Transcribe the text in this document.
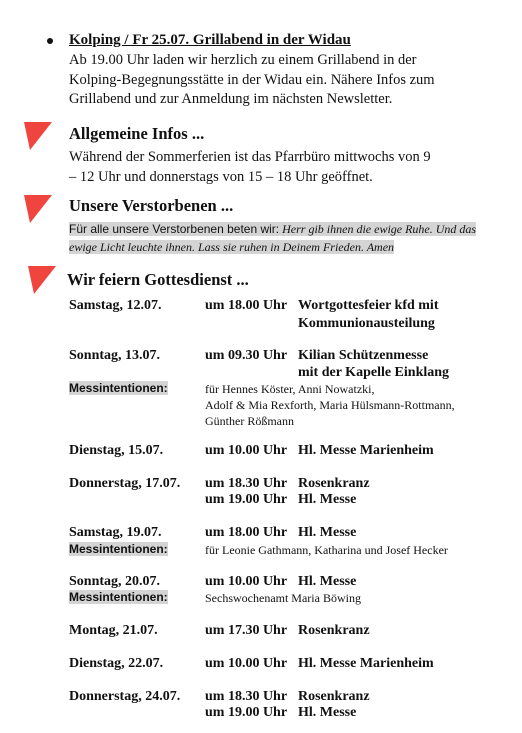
Kolping / Fr 25.07. Grillabend in der Widau
Ab 19.00 Uhr laden wir herzlich zu einem Grillabend in der
Kolping-Begegnungsstätte in der Widau ein. Nähere Infos zum
Grillabend und zur Anmeldung im nächsten Newsletter.
Allgemeine Infos ...
Während der Sommerferien ist das Pfarrbüro mittwochs von 9
– 12 Uhr und donnerstags von 15 – 18 Uhr geöffnet.
Unsere Verstorbenen ...
Für alle unsere Verstorbenen beten wir: Herr gib ihnen die ewige Ruhe. Und das
ewige Licht leuchte ihnen. Lass sie ruhen in Deinem Frieden. Amen
Wir feiern Gottesdienst ...
Samstag, 12.07.	um 18.00 Uhr Wortgottesfeier kfd mit
Kommunionausteilung
Sonntag, 13.07.	um 09.30 Uhr Kilian Schützenmesse
mit der Kapelle Einklang
Messintentionen:	für Hennes Köster, Anni Nowatzki,
Adolf & Mia Rexforth, Maria Hülsmann-Rottmann,
Günther Rößmann
Dienstag, 15.07.	um 10.00 Uhr Hl. Messe Marienheim
Donnerstag, 17.07. um 18.30 Uhr Rosenkranz
um 19.00 Uhr Hl. Messe
Samstag, 19.07.	um 18.00 Uhr Hl. Messe
Messintentionen:	für Leonie Gathmann, Katharina und Josef Hecker
Sonntag, 20.07.	um 10.00 Uhr Hl. Messe
Messintentionen:	Sechswochenamt Maria Böwing
Montag, 21.07.	um 17.30 Uhr Rosenkranz
Dienstag, 22.07.	um 10.00 Uhr Hl. Messe Marienheim
Donnerstag, 24.07. um 18.30 Uhr Rosenkranz
um 19.00 Uhr Hl. Messe
